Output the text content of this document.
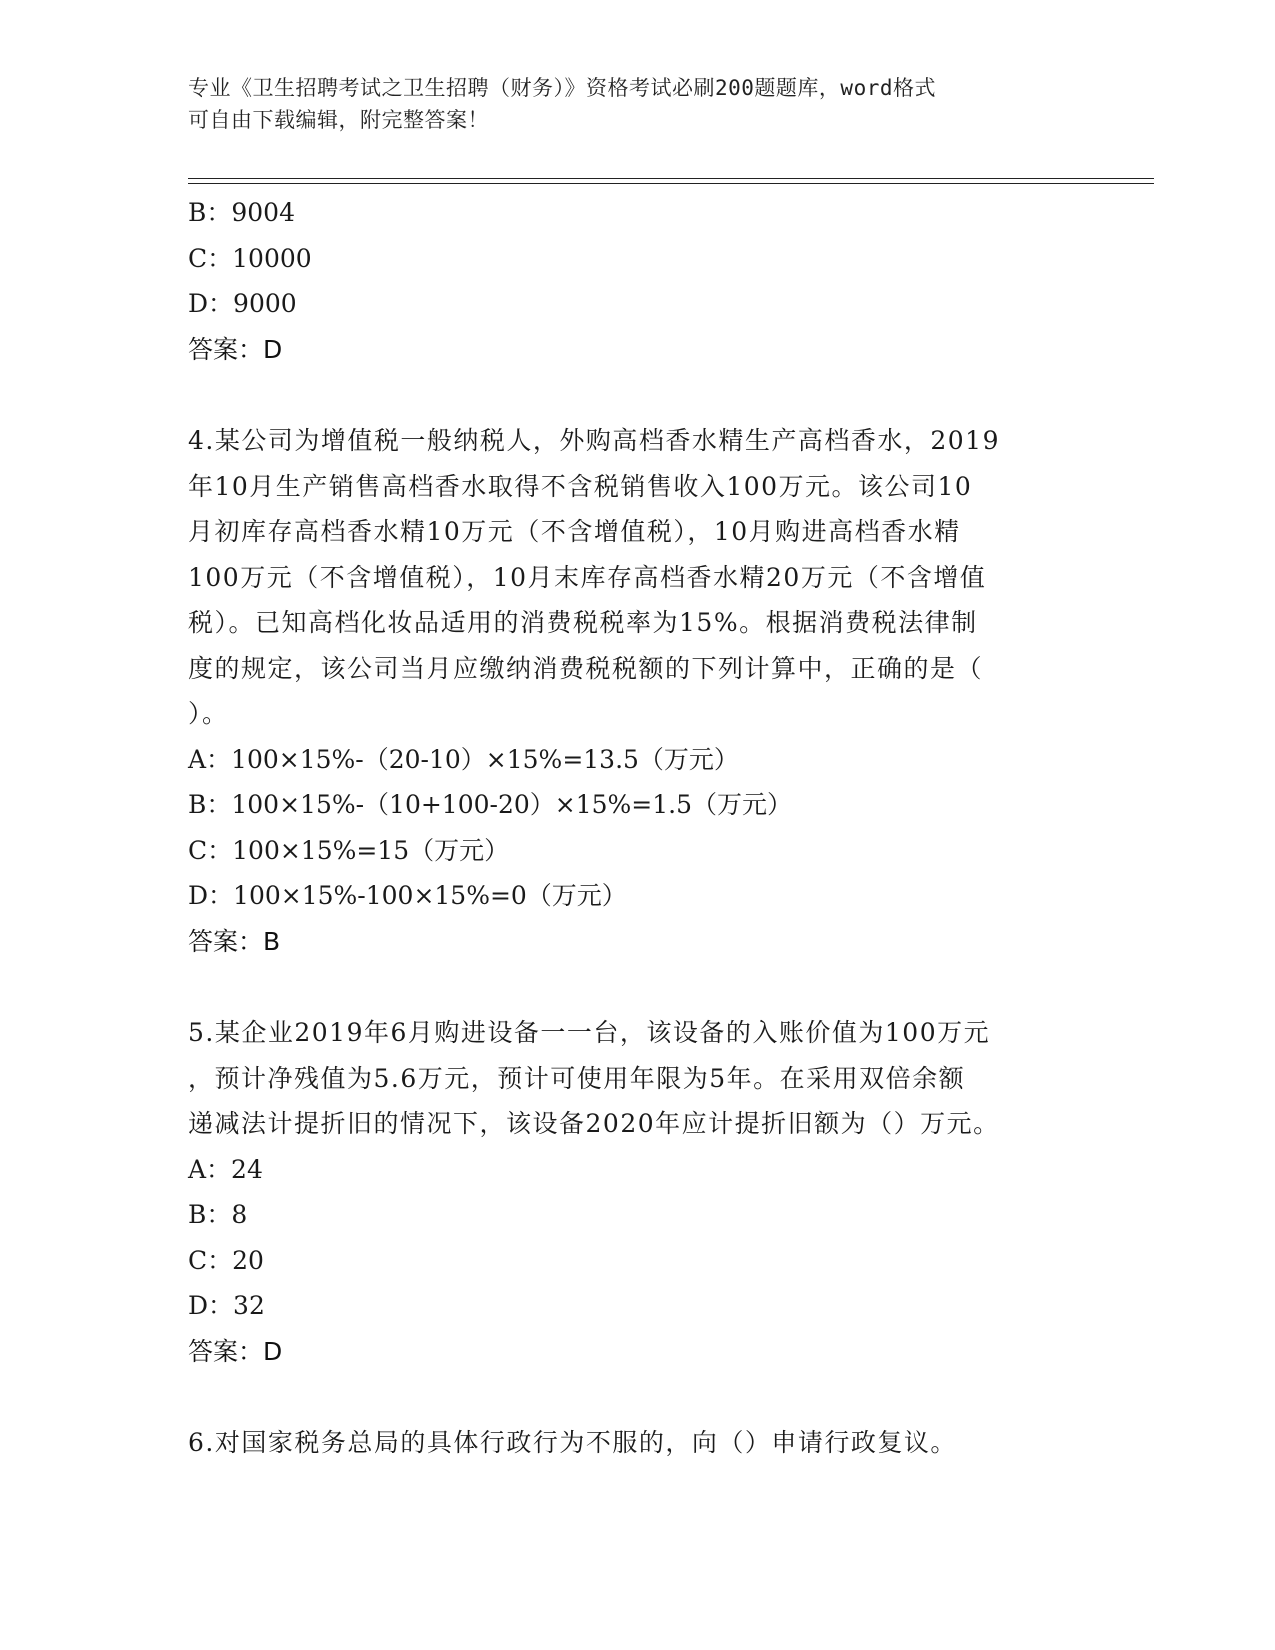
专业《卫生招聘考试之卫生招聘（财务）》资格考试必刷200题题库，word格式
可自由下载编辑，附完整答案！
B：9004
C：10000
D：9000
答案：D
4.某公司为增值税一般纳税人，外购高档香水精生产高档香水，2019
年10月生产销售高档香水取得不含税销售收入100万元。该公司10
月初库存高档香水精10万元（不含增值税），10月购进高档香水精
100万元（不含增值税），10月末库存高档香水精20万元（不含增值
税）。已知高档化妆品适用的消费税税率为15%。根据消费税法律制
度的规定，该公司当月应缴纳消费税税额的下列计算中，正确的是（
）。
A：100×15%-（20-10）×15%=13.5（万元）
B：100×15%-（10+100-20）×15%=1.5（万元）
C：100×15%=15（万元）
D：100×15%-100×15%=0（万元）
答案：B
5.某企业2019年6月购进设备一一台，该设备的入账价值为100万元
，预计净残值为5.6万元，预计可使用年限为5年。在采用双倍余额
递减法计提折旧的情况下，该设备2020年应计提折旧额为（）万元。
A：24
B：8
C：20
D：32
答案：D
6.对国家税务总局的具体行政行为不服的，向（）申请行政复议。
